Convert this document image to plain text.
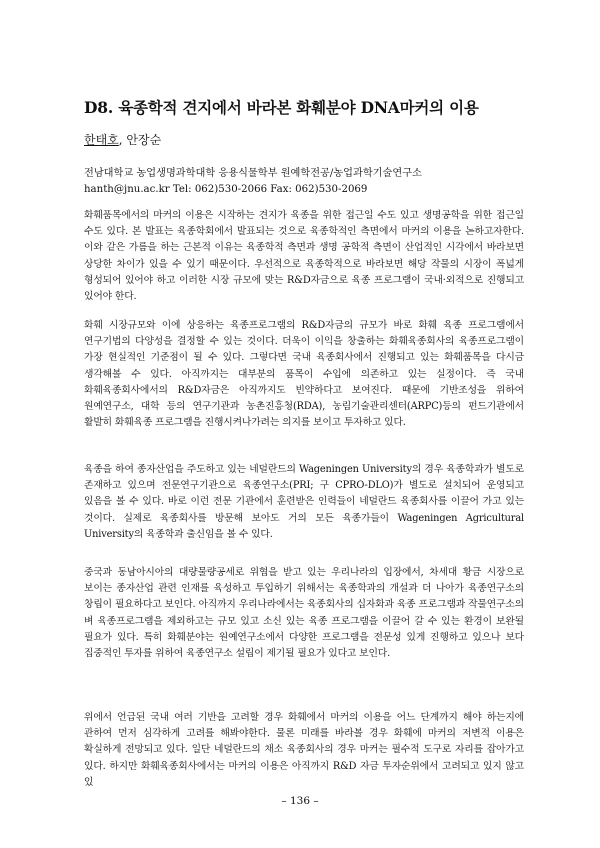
D8. 육종학적 견지에서 바라본 화훼분야 DNA마커의 이용
한태호, 안장순
전남대학교 농업생명과학대학 응용식물학부 원예학전공/농업과학기술연구소
hanth@jnu.ac.kr Tel: 062)530-2066 Fax: 062)530-2069
화훼품목에서의 마커의 이용은 시작하는 견지가 육종을 위한 접근일 수도 있고 생명공학을 위한 접근일 수도 있다. 본 발표는 육종학회에서 발표되는 것으로 육종학적인 측면에서 마커의 이용을 논하고자한다. 이와 같은 가름을 하는 근본적 이유는 육종학적 측면과 생명 공학적 측면이 산업적인 시각에서 바라보면 상당한 차이가 있을 수 있기 때문이다. 우선적으로 육종학적으로 바라보면 해당 작물의 시장이 폭넓게 형성되어 있어야 하고 이러한 시장 규모에 맞는 R&D자금으로 육종 프로그램이 국내·외적으로 진행되고 있어야 한다.
화훼 시장규모와 이에 상응하는 육종프로그램의 R&D자금의 규모가 바로 화훼 육종 프로그램에서 연구기법의 다양성을 결정할 수 있는 것이다. 더욱이 이익을 창출하는 화훼육종회사의 육종프로그램이 가장 현실적인 기준점이 될 수 있다. 그렇다면 국내 육종회사에서 진행되고 있는 화훼품목을 다시금 생각해볼 수 있다. 아직까지는 대부분의 품목이 수입에 의존하고 있는 실정이다. 즉 국내 화훼육종회사에서의 R&D자금은 아직까지도 빈약하다고 보여진다. 때문에 기반조성을 위하여 원예연구소, 대학 등의 연구기관과 농촌진흥청(RDA), 농림기술관리센터(ARPC)등의 펀드기관에서 활발히 화훼육종 프로그램을 진행시켜나가려는 의지를 보이고 투자하고 있다.
육종을 하여 종자산업을 주도하고 있는 네덜란드의 Wageningen University의 경우 육종학과가 별도로 존재하고 있으며 전문연구기관으로 육종연구소(PRI; 구 CPRO-DLO)가 별도로 설치되어 운영되고 있음을 볼 수 있다. 바로 이런 전문 기관에서 훈련받은 인력들이 네덜란드 육종회사를 이끌어 가고 있는 것이다. 실제로 육종회사를 방문해 보아도 거의 모든 육종가들이 Wageningen Agricultural University의 육종학과 출신임을 볼 수 있다.
중국과 동남아시아의 대량물량공세로 위협을 받고 있는 우리나라의 입장에서, 차세대 황금 시장으로 보이는 종자산업 관련 인재를 육성하고 투입하기 위해서는 육종학과의 개설과 더 나아가 육종연구소의 창립이 필요하다고 보인다. 아직까지 우리나라에서는 육종회사의 십자화과 육종 프로그램과 작물연구소의 벼 육종프로그램을 제외하고는 규모 있고 소신 있는 육종 프로그램을 이끌어 갈 수 있는 환경이 보완될 필요가 있다. 특히 화훼분야는 원예연구소에서 다양한 프로그램을 전문성 있게 진행하고 있으나 보다 집중적인 투자를 위하여 육종연구소 설립이 제기될 필요가 있다고 보인다.
위에서 언급된 국내 여러 기반을 고려할 경우 화훼에서 마커의 이용을 어느 단계까지 해야 하는지에 관하여 먼저 심각하게 고려를 해봐야한다. 물론 미래를 바라볼 경우 화훼에 마커의 저변적 이용은 확실하게 전망되고 있다. 일단 네덜란드의 채소 육종회사의 경우 마커는 필수적 도구로 자리를 잡아가고 있다. 하지만 화훼육종회사에서는 마커의 이용은 아직까지 R&D 자금 투자순위에서 고려되고 있지 않고 있
– 136 –
